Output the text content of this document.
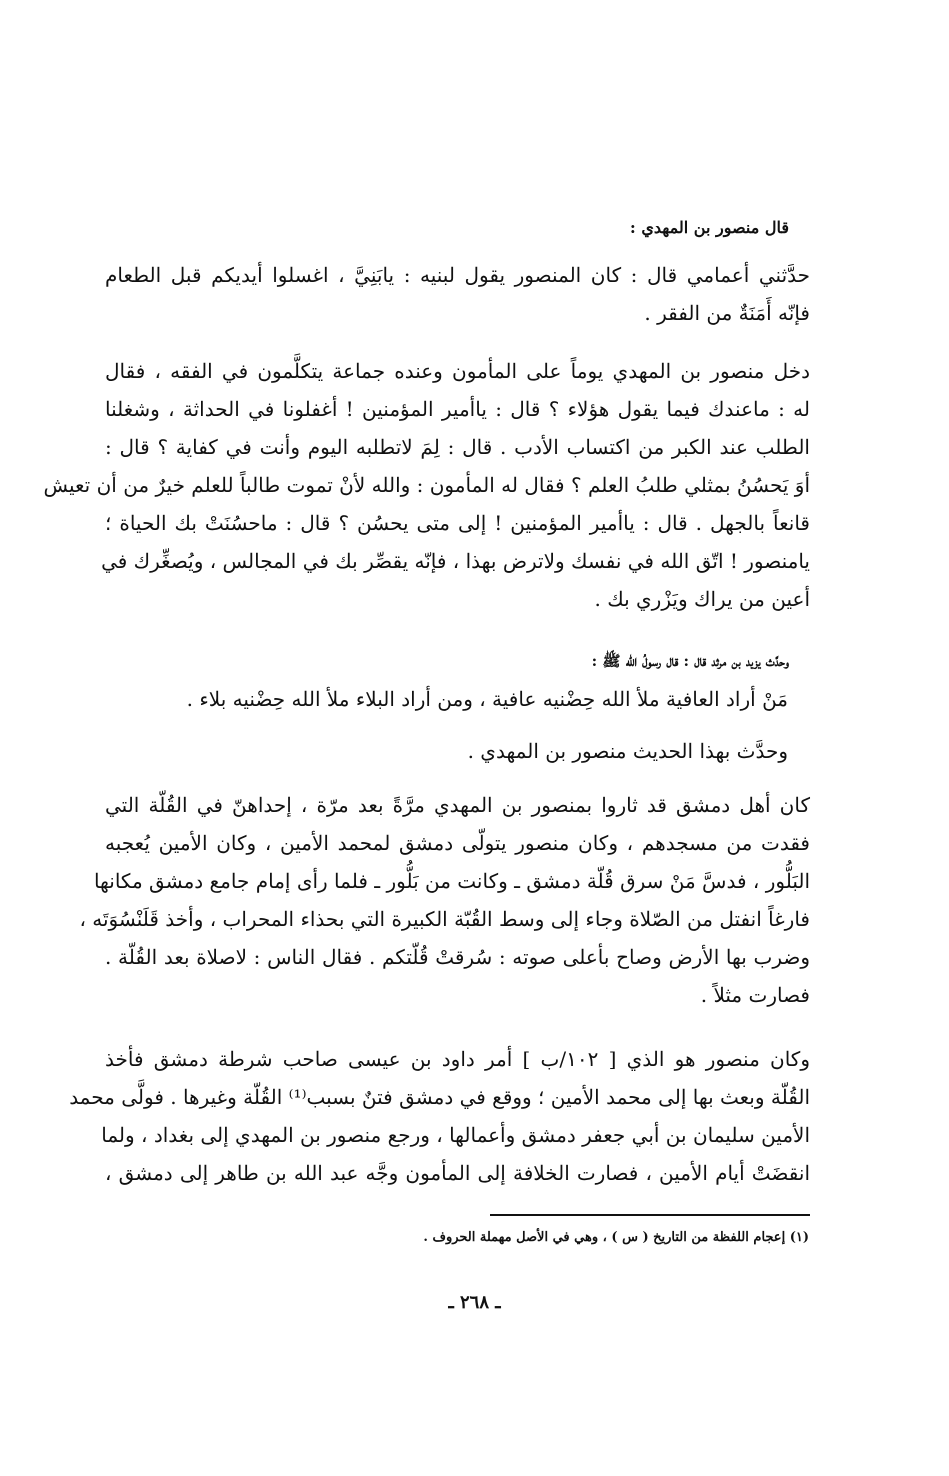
قال منصور بن المهدي :
حدَّثني أعمامي قال : كان المنصور يقول لبنيه : يابَنِيَّ ، اغسلوا أيديكم قبل الطعام
فإنّه أَمَنَةٌ من الفقر .
دخل منصور بن المهدي يوماً على المأمون وعنده جماعة يتكلَّمون في الفقه ، فقال
له : ماعندك فيما يقول هؤلاء ؟ قال : ياأمير المؤمنين ! أغفلونا في الحداثة ، وشغلنا
الطلب عند الكبر من اكتساب الأدب . قال : لِمَ لاتطلبه اليوم وأنت في كفاية ؟ قال :
أوَ يَحسُنُ بمثلي طلبُ العلم ؟ فقال له المأمون : والله لأنْ تموت طالباً للعلم خيرٌ من أن تعيش
قانعاً بالجهل . قال : ياأمير المؤمنين ! إلى متى يحسُن ؟ قال : ماحسُنَتْ بك الحياة ؛
يامنصور ! اتّق الله في نفسك ولاترض بهذا ، فإنّه يقصِّر بك في المجالس ، ويُصغِّرك في
أعين من يراك ويَزْري بك .
وحدَّث يزيد بن مرثد قال : قال رسولُ الله ﷺ :
مَنْ أراد العافية ملأ الله حِضْنيه عافية ، ومن أراد البلاء ملأ الله حِضْنيه بلاء .
وحدَّث بهذا الحديث منصور بن المهدي .
كان أهل دمشق قد ثاروا بمنصور بن المهدي مرَّةً بعد مرّة ، إحداهنّ في القُلّة التي
فقدت من مسجدهم ، وكان منصور يتولّى دمشق لمحمد الأمين ، وكان الأمين يُعجبه
البَلُّور ، فدسَّ مَنْ سرق قُلّة دمشق ـ وكانت من بَلُّور ـ فلما رأى إمام جامع دمشق مكانها
فارغاً انفتل من الصّلاة وجاء إلى وسط القُبّة الكبيرة التي بحذاء المحراب ، وأخذ قَلَنْسُوَتَه ،
وضرب بها الأرض وصاح بأعلى صوته : سُرقتْ قُلّتكم . فقال الناس : لاصلاة بعد القُلّة .
فصارت مثلاً .
وكان منصور هو الذي [ ١٠٢/ب ] أمر داود بن عيسى صاحب شرطة دمشق فأخذ
القُلّة وبعث بها إلى محمد الأمين ؛ ووقع في دمشق فتنٌ بسبب⁽¹⁾ القُلّة وغيرها . فولَّى محمد
الأمين سليمان بن أبي جعفر دمشق وأعمالها ، ورجع منصور بن المهدي إلى بغداد ، ولما
انقضَتْ أيام الأمين ، فصارت الخلافة إلى المأمون وجَّه عبد الله بن طاهر إلى دمشق ،
(١) إعجام اللفظة من التاريخ ( س ) ، وهي في الأصل مهملة الحروف .
ـ ٢٦٨ ـ
